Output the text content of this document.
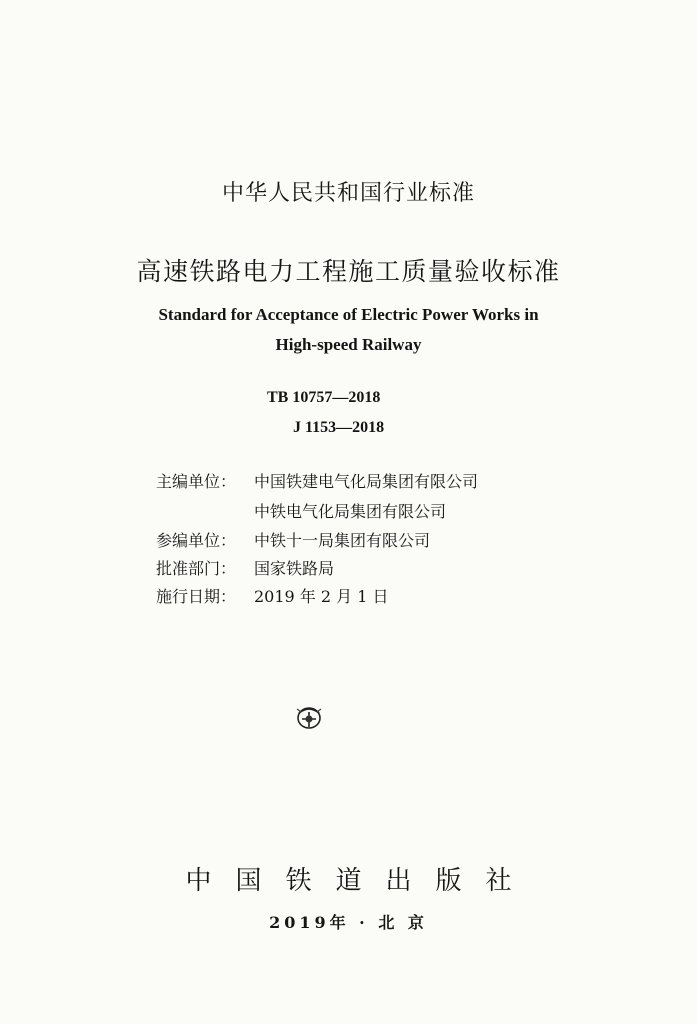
中华人民共和国行业标准
高速铁路电力工程施工质量验收标准
Standard for Acceptance of Electric Power Works in
High-speed Railway
TB 10757—2018
J 1153—2018
主编单位： 中国铁建电气化局集团有限公司
中铁电气化局集团有限公司
参编单位： 中铁十一局集团有限公司
批准部门： 国家铁路局
施行日期： 2019 年 2 月 1 日
中国铁道出版社
2019年 · 北 京
